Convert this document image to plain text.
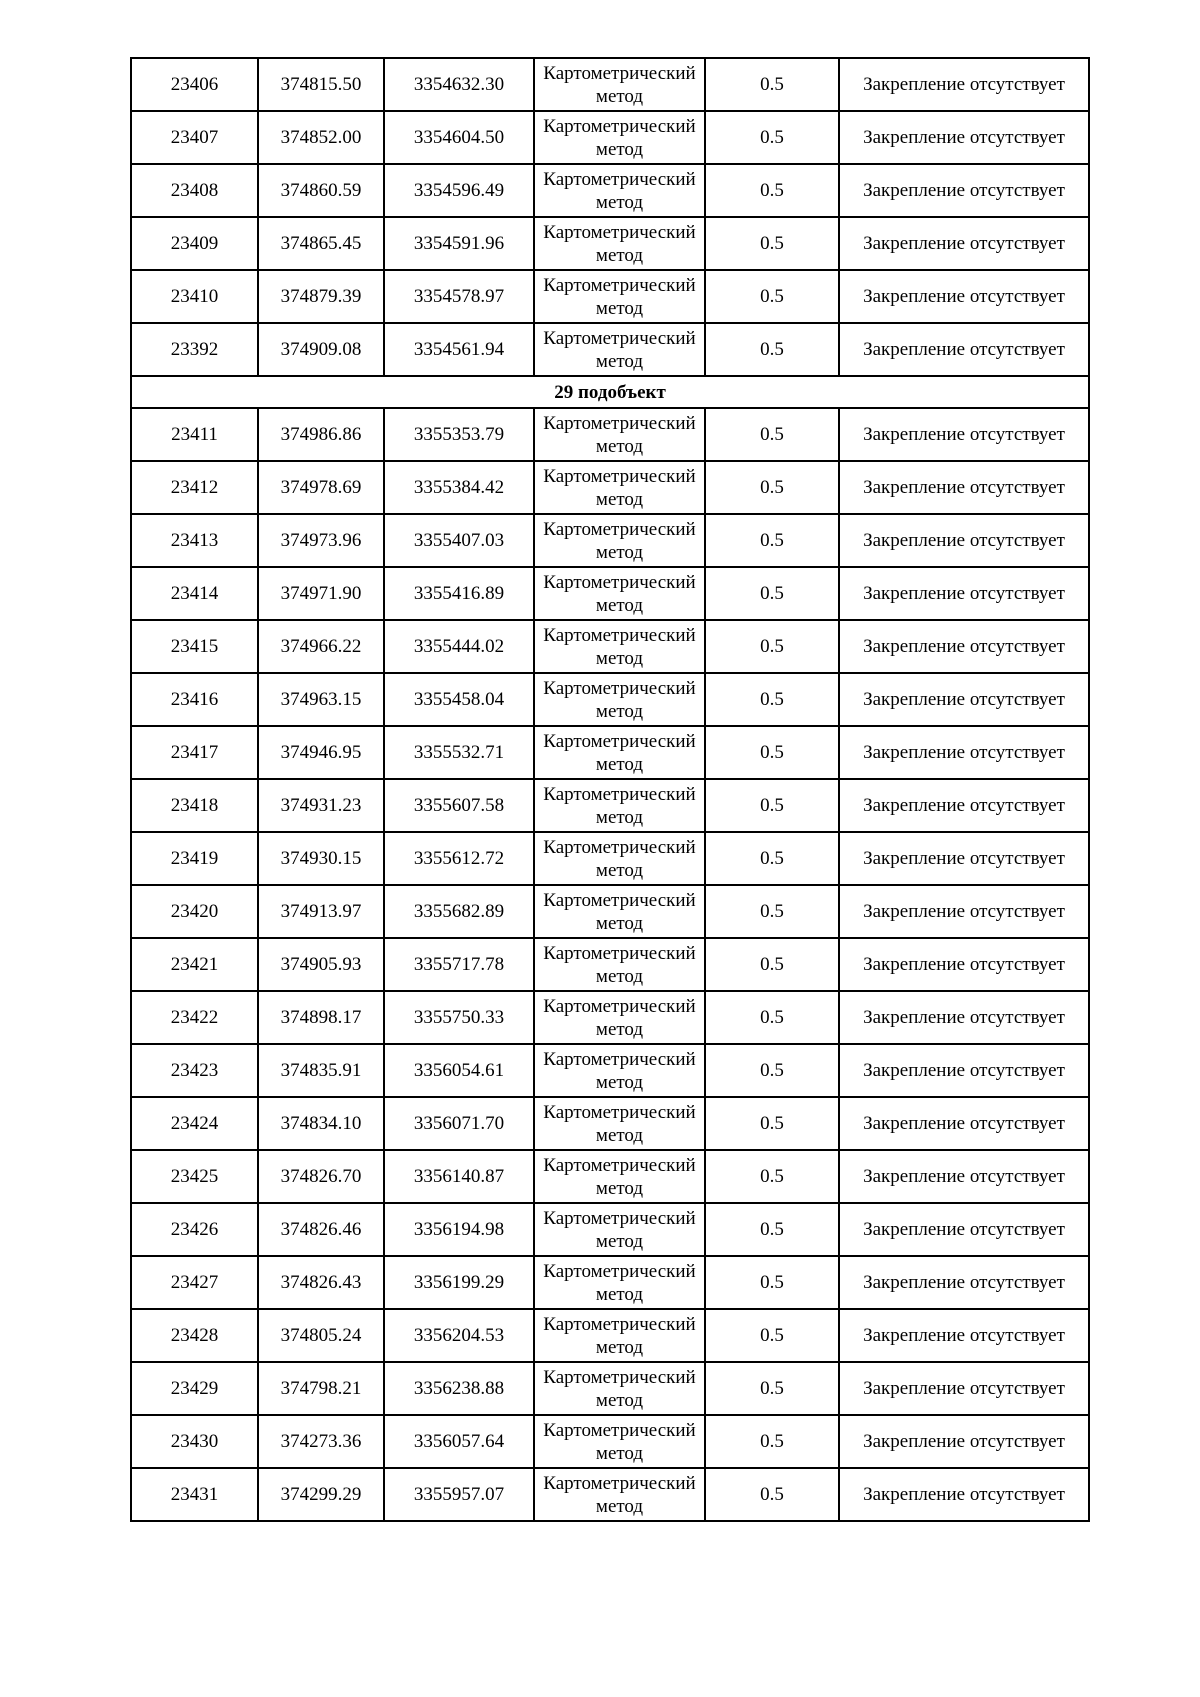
23406	374815.50	3354632.30	Картометрический метод	0.5	Закрепление отсутствует
23407	374852.00	3354604.50	Картометрический метод	0.5	Закрепление отсутствует
23408	374860.59	3354596.49	Картометрический метод	0.5	Закрепление отсутствует
23409	374865.45	3354591.96	Картометрический метод	0.5	Закрепление отсутствует
23410	374879.39	3354578.97	Картометрический метод	0.5	Закрепление отсутствует
23392	374909.08	3354561.94	Картометрический метод	0.5	Закрепление отсутствует
29 подобъект					
23411	374986.86	3355353.79	Картометрический метод	0.5	Закрепление отсутствует
23412	374978.69	3355384.42	Картометрический метод	0.5	Закрепление отсутствует
23413	374973.96	3355407.03	Картометрический метод	0.5	Закрепление отсутствует
23414	374971.90	3355416.89	Картометрический метод	0.5	Закрепление отсутствует
23415	374966.22	3355444.02	Картометрический метод	0.5	Закрепление отсутствует
23416	374963.15	3355458.04	Картометрический метод	0.5	Закрепление отсутствует
23417	374946.95	3355532.71	Картометрический метод	0.5	Закрепление отсутствует
23418	374931.23	3355607.58	Картометрический метод	0.5	Закрепление отсутствует
23419	374930.15	3355612.72	Картометрический метод	0.5	Закрепление отсутствует
23420	374913.97	3355682.89	Картометрический метод	0.5	Закрепление отсутствует
23421	374905.93	3355717.78	Картометрический метод	0.5	Закрепление отсутствует
23422	374898.17	3355750.33	Картометрический метод	0.5	Закрепление отсутствует
23423	374835.91	3356054.61	Картометрический метод	0.5	Закрепление отсутствует
23424	374834.10	3356071.70	Картометрический метод	0.5	Закрепление отсутствует
23425	374826.70	3356140.87	Картометрический метод	0.5	Закрепление отсутствует
23426	374826.46	3356194.98	Картометрический метод	0.5	Закрепление отсутствует
23427	374826.43	3356199.29	Картометрический метод	0.5	Закрепление отсутствует
23428	374805.24	3356204.53	Картометрический метод	0.5	Закрепление отсутствует
23429	374798.21	3356238.88	Картометрический метод	0.5	Закрепление отсутствует
23430	374273.36	3356057.64	Картометрический метод	0.5	Закрепление отсутствует
23431	374299.29	3355957.07	Картометрический метод	0.5	Закрепление отсутствует
